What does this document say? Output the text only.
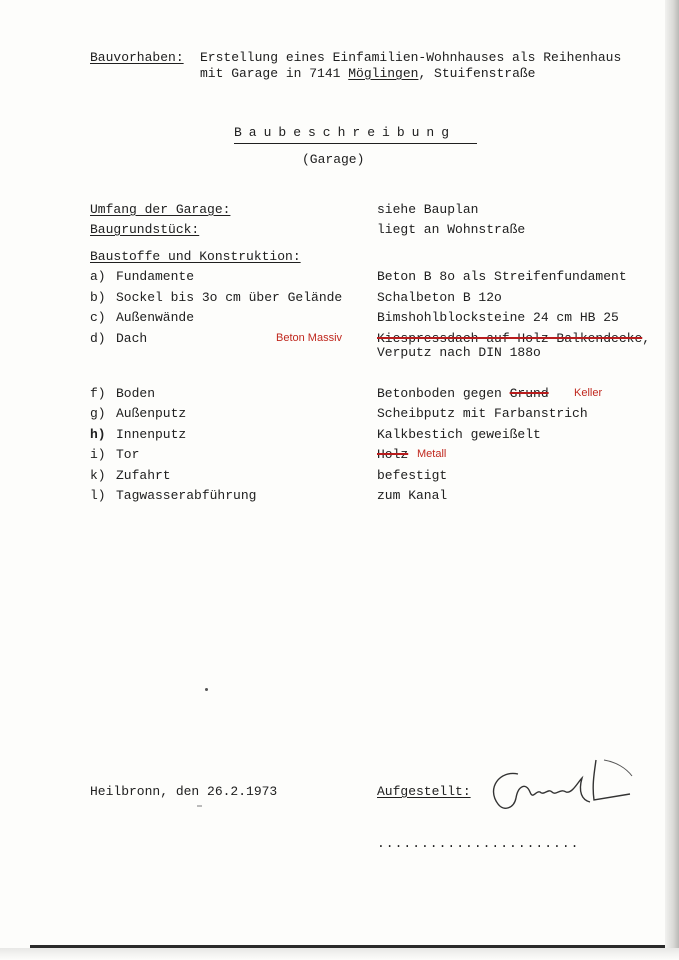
Bauvorhaben: Erstellung eines Einfamilien-Wohnhauses als Reihenhaus
mit Garage in 7141 Möglingen, Stuifenstraße
Baubeschreibung
(Garage)
Umfang der Garage:	siehe Bauplan
Baugrundstück:	liegt an Wohnstraße
Baustoffe und Konstruktion:
a) Fundamente	Beton B 8o als Streifenfundament
b) Sockel bis 3o cm über Gelände	Schalbeton B 12o
c) Außenwände	Bimshohlblocksteine 24 cm HB 25
d) Dach	Beton Massiv	Kiespressdach auf Holz-Balkendecke,
Verputz nach DIN 188o
f) Boden	Betonboden gegen Grund Keller
g) Außenputz	Scheibputz mit Farbanstrich
h) Innenputz	Kalkbestich geweißelt
i) Tor	Holz Metall
k) Zufahrt	befestigt
l) Tagwasserabführung	zum Kanal
Heilbronn, den 26.2.1973	Aufgestellt:
.......................
